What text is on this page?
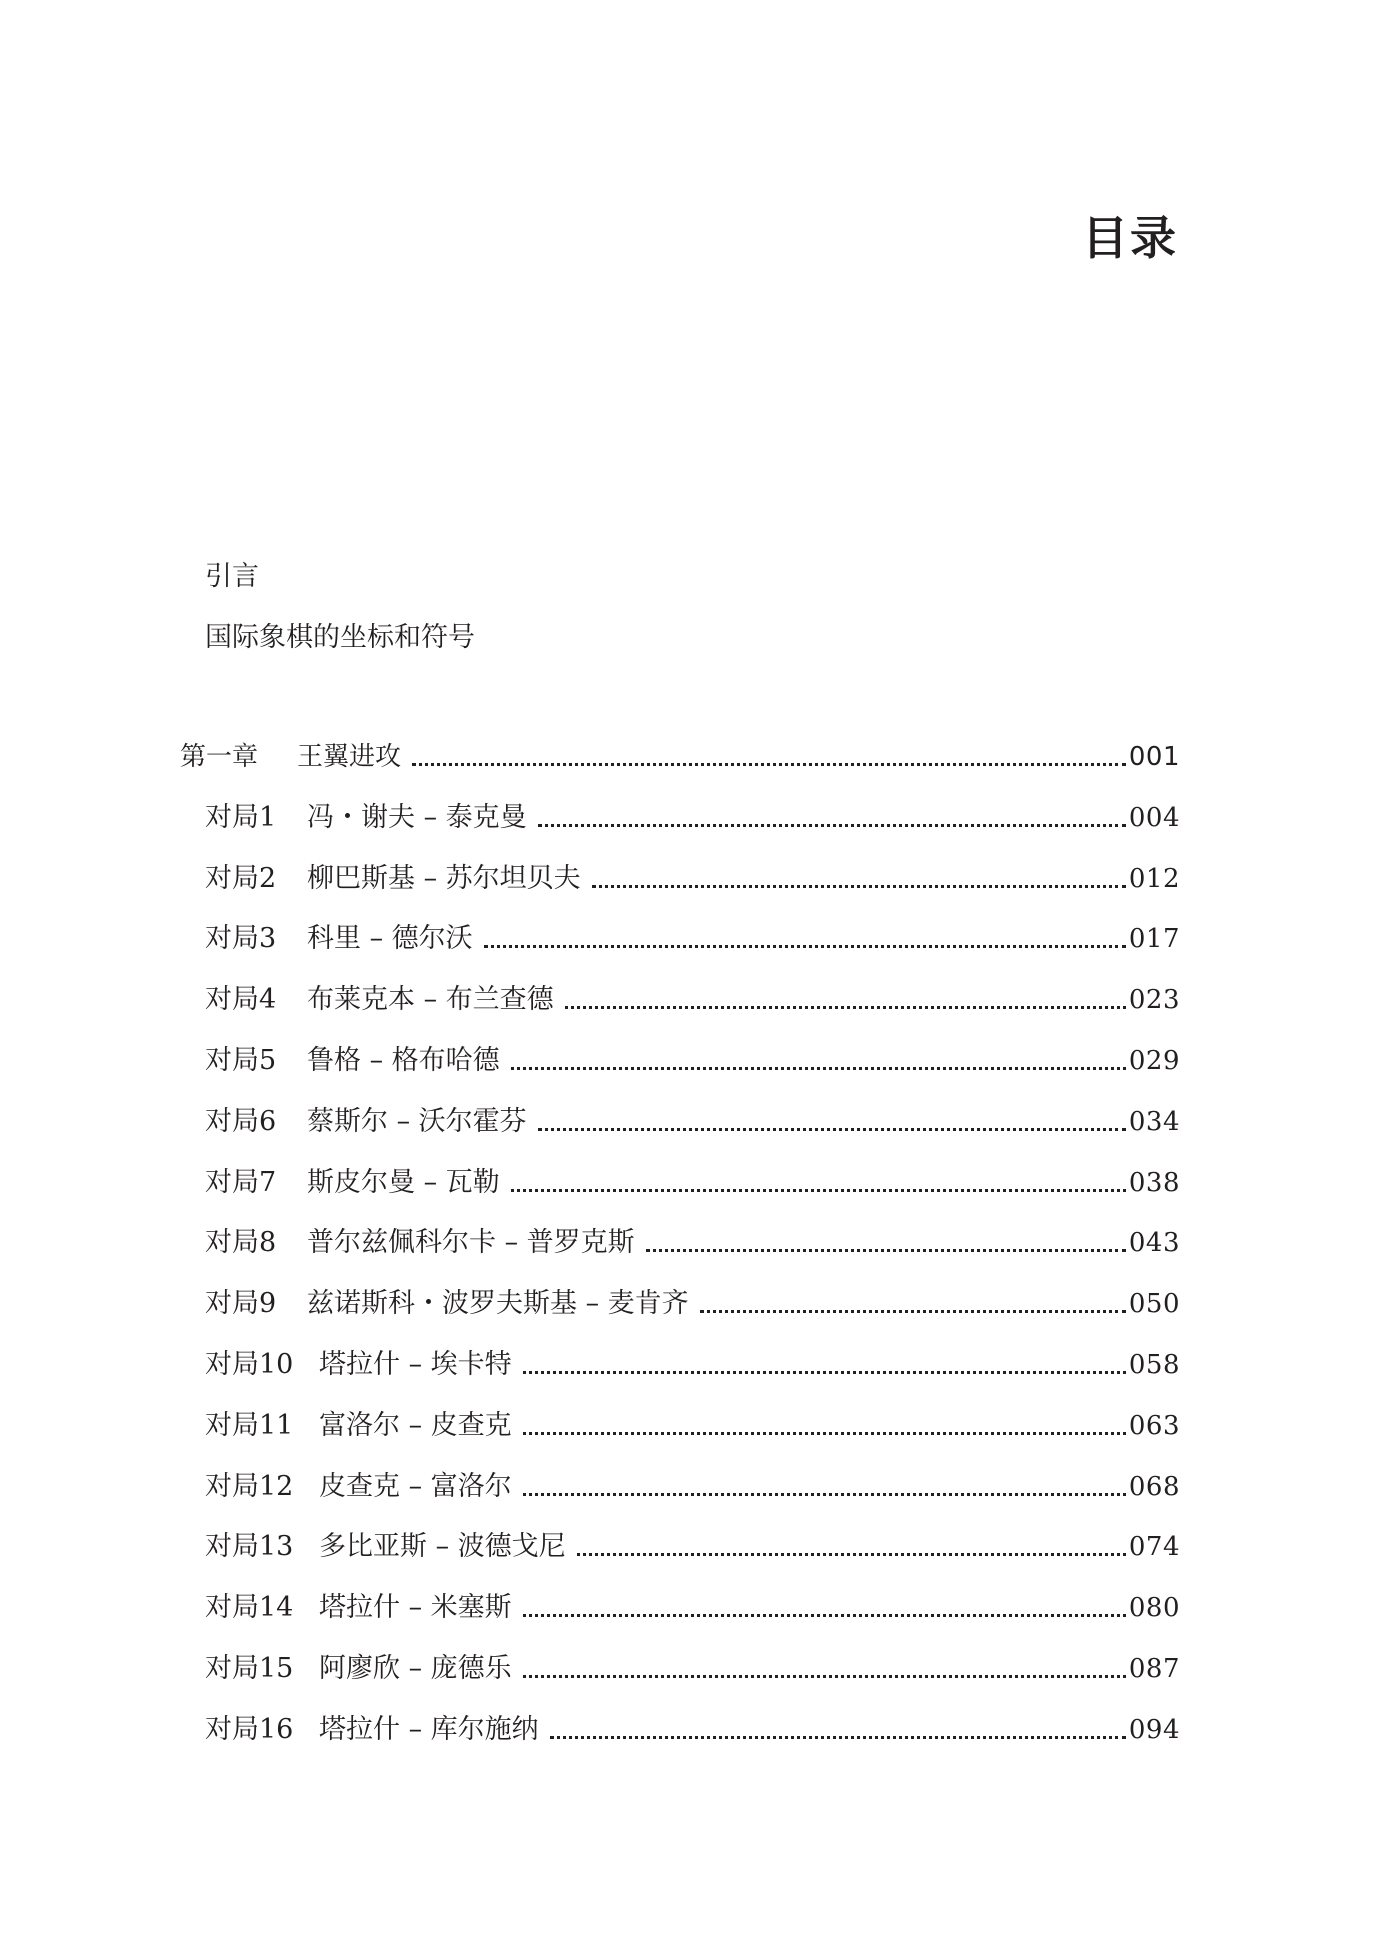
目录
引言
国际象棋的坐标和符号
第一章	王翼进攻	001
对局1	冯・谢夫 – 泰克曼	004
对局2	柳巴斯基 – 苏尔坦贝夫	012
对局3	科里 – 德尔沃	017
对局4	布莱克本 – 布兰查德	023
对局5	鲁格 – 格布哈德	029
对局6	蔡斯尔 – 沃尔霍芬	034
对局7	斯皮尔曼 – 瓦勒	038
对局8	普尔兹佩科尔卡 – 普罗克斯	043
对局9	兹诺斯科・波罗夫斯基 – 麦肯齐	050
对局10 塔拉什 – 埃卡特	058
对局11 富洛尔 – 皮查克	063
对局12 皮查克 – 富洛尔	068
对局13 多比亚斯 – 波德戈尼	074
对局14 塔拉什 – 米塞斯	080
对局15 阿廖欣 – 庞德乐	087
对局16 塔拉什 – 库尔施纳	094
